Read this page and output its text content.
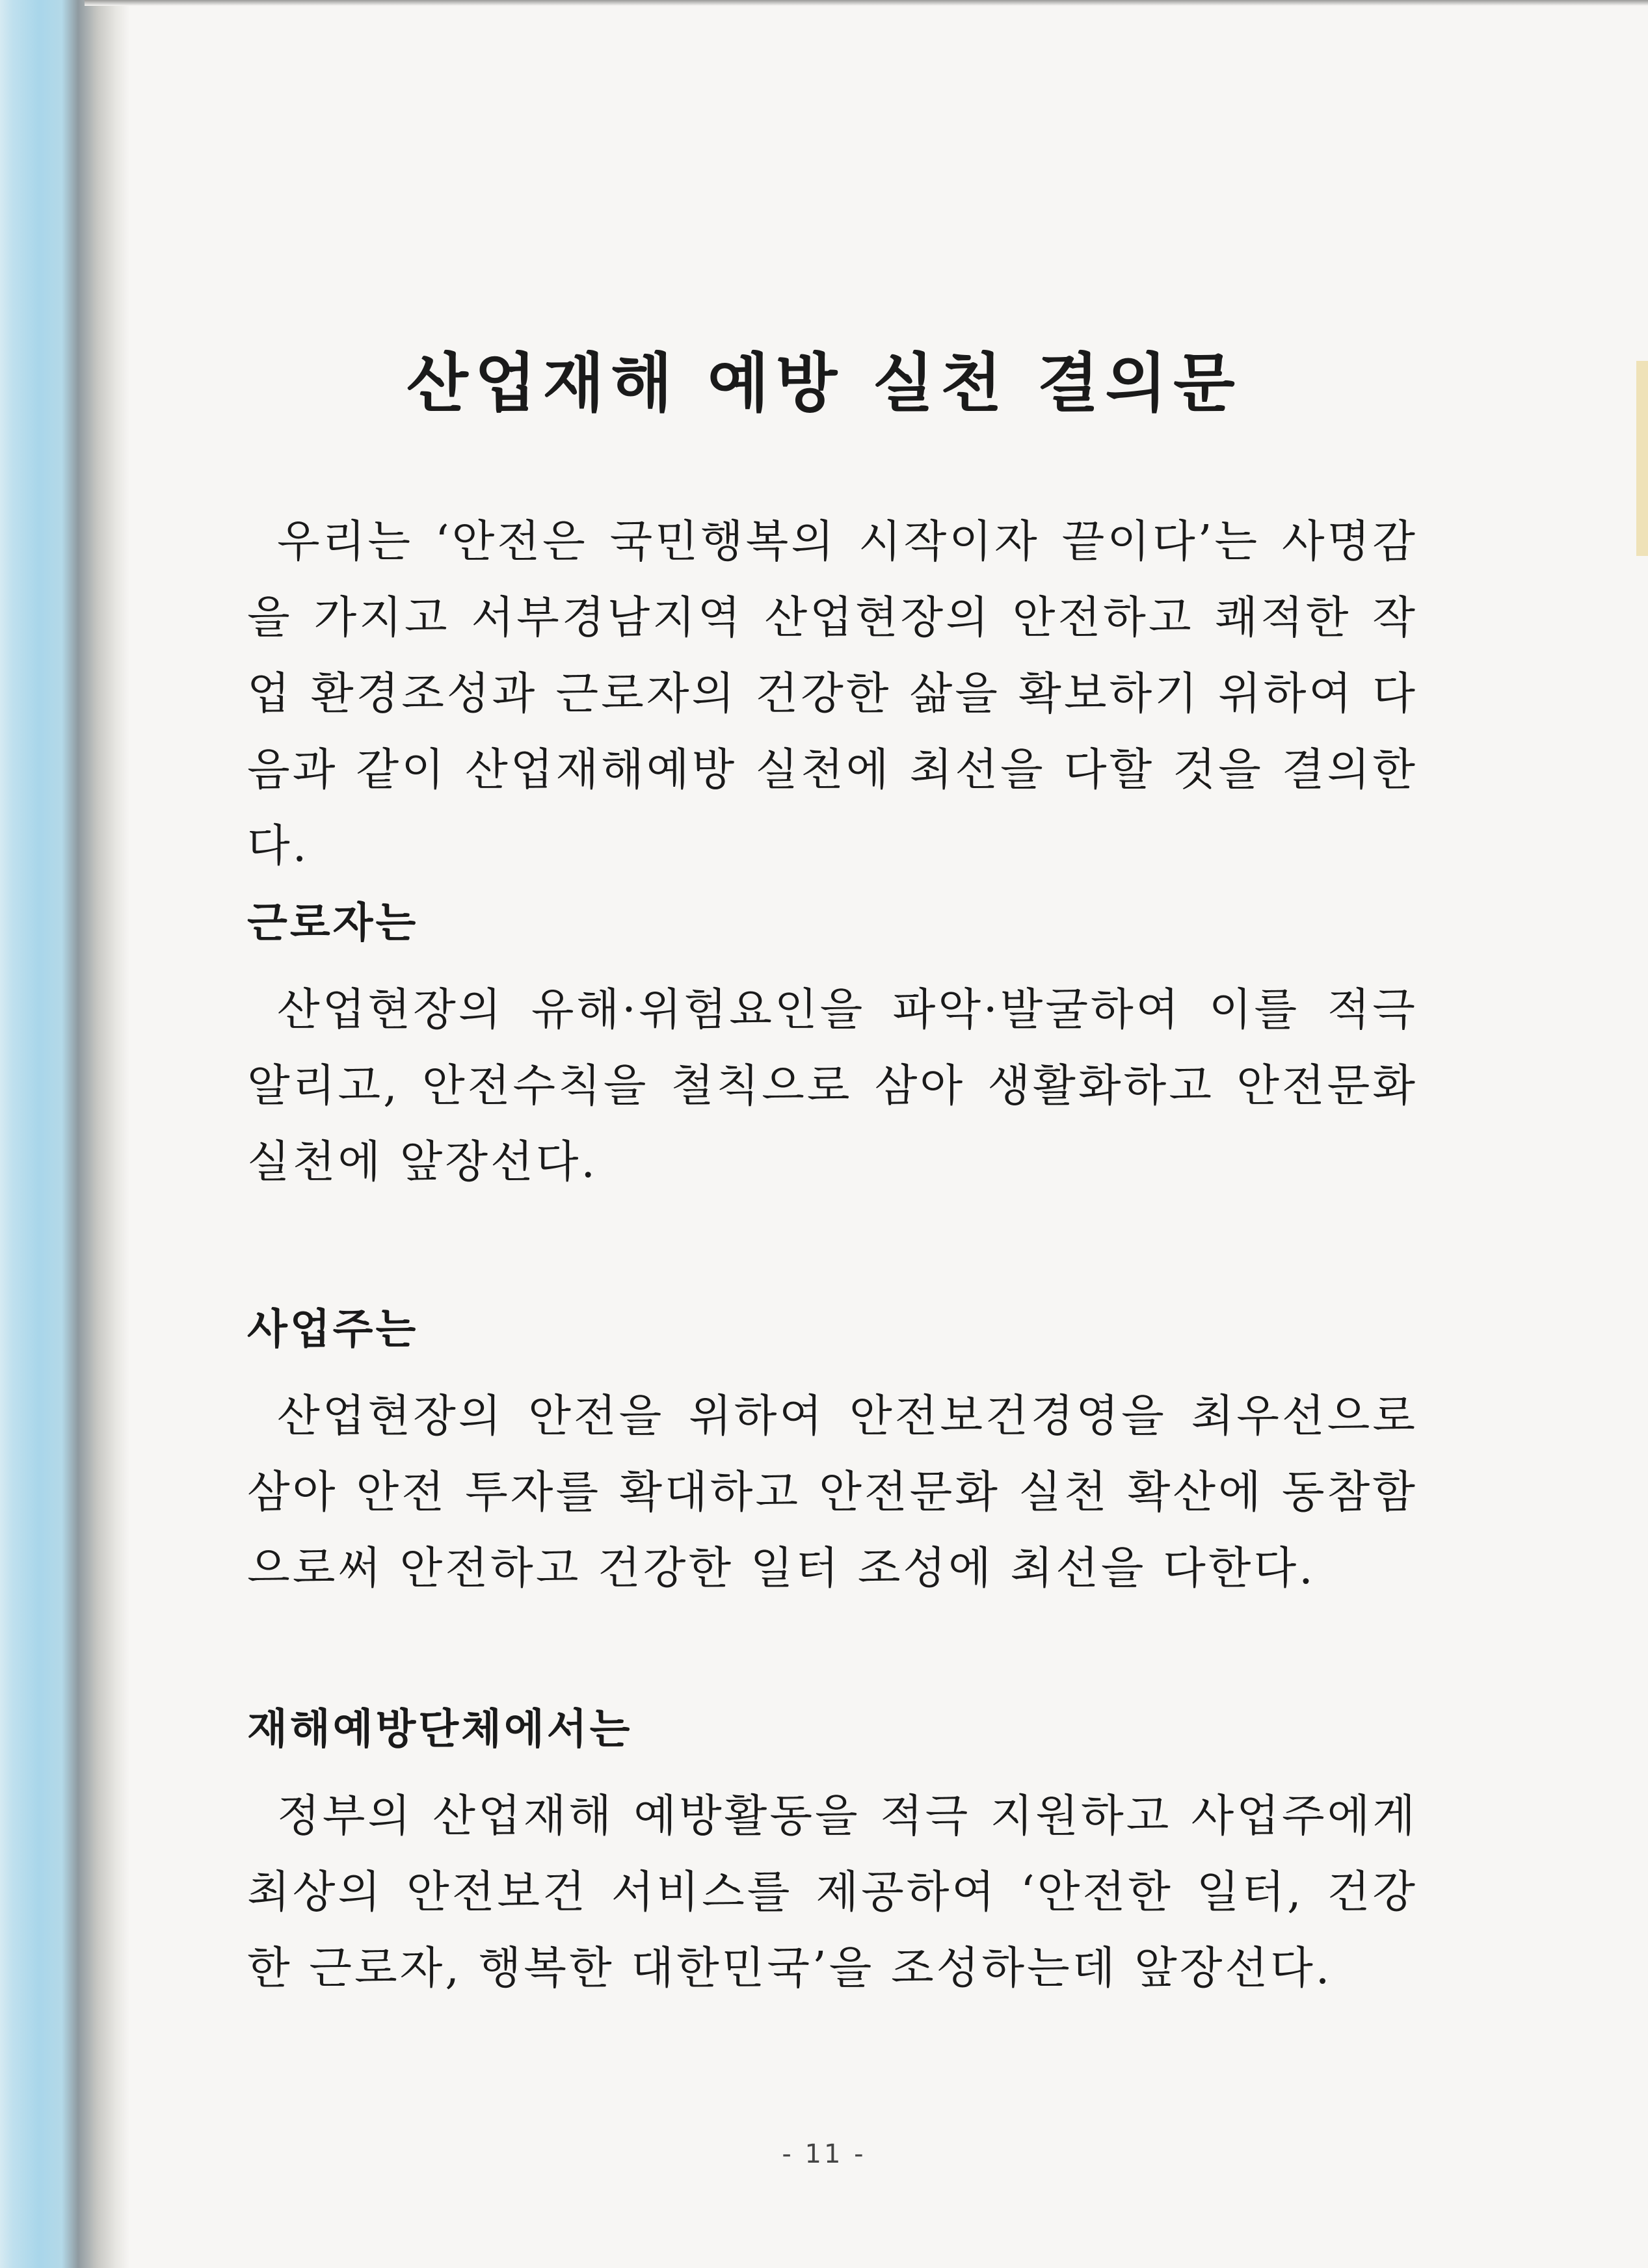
산업재해 예방 실천 결의문

우리는 ‘안전은 국민행복의 시작이자 끝이다’는 사명감을 가지고 서부경남지역 산업현장의 안전하고 쾌적한 작업 환경조성과 근로자의 건강한 삶을 확보하기 위하여 다음과 같이 산업재해예방 실천에 최선을 다할 것을 결의한다.

근로자는

산업현장의 유해·위험요인을 파악·발굴하여 이를 적극 알리고, 안전수칙을 철칙으로 삼아 생활화하고 안전문화 실천에 앞장선다.

사업주는

산업현장의 안전을 위하여 안전보건경영을 최우선으로 삼아 안전 투자를 확대하고 안전문화 실천 확산에 동참함으로써 안전하고 건강한 일터 조성에 최선을 다한다.

재해예방단체에서는

정부의 산업재해 예방활동을 적극 지원하고 사업주에게 최상의 안전보건 서비스를 제공하여 ‘안전한 일터, 건강한 근로자, 행복한 대한민국’을 조성하는데 앞장선다.

- 11 -
